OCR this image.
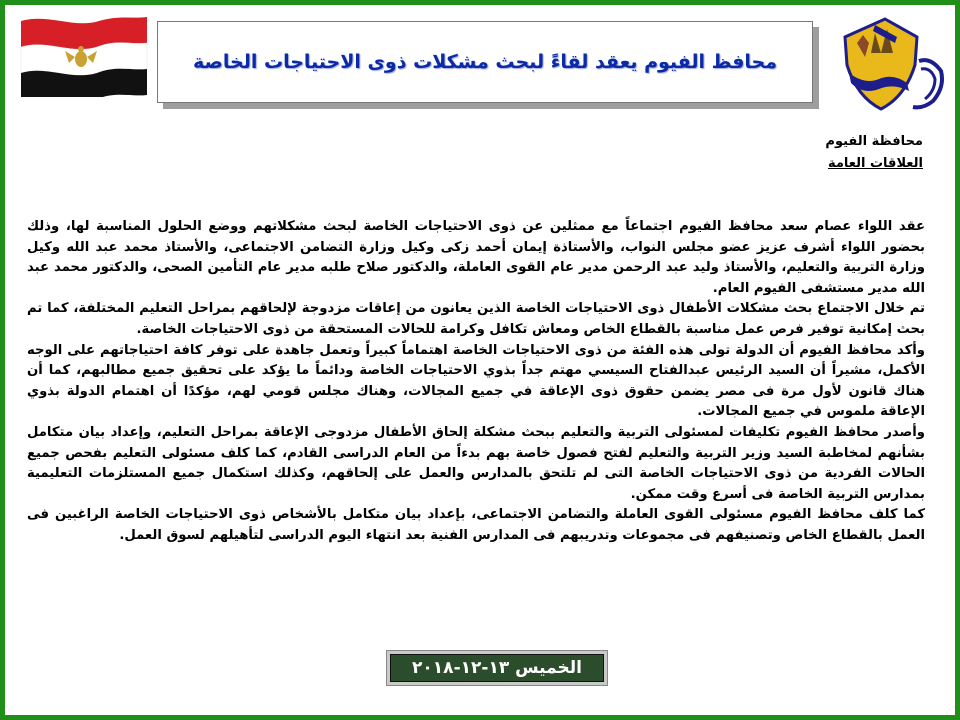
محافظ الفيوم يعقد لقاءً لبحث مشكلات ذوى الاحتياجات الخاصة
محافظة الفيوم
العلاقات العامة

عقد اللواء عصام سعد محافظ الفيوم اجتماعاً مع ممثلين عن ذوى الاحتياجات الخاصة لبحث مشكلاتهم ووضع الحلول المناسبة لها، وذلك بحضور اللواء أشرف عزيز عضو مجلس النواب، والأستاذة إيمان أحمد زكى وكيل وزارة التضامن الاجتماعى، والأستاذ محمد عبد الله وكيل وزارة التربية والتعليم، والأستاذ وليد عبد الرحمن مدير عام القوى العاملة، والدكتور صلاح طلبه مدير عام التأمين الصحى، والدكتور محمد عبد الله مدير مستشفى الفيوم العام.

تم خلال الاجتماع بحث مشكلات الأطفال ذوى الاحتياجات الخاصة الذين يعانون من إعاقات مزدوجة لإلحاقهم بمراحل التعليم المختلفة، كما تم بحث إمكانية توفير فرص عمل مناسبة بالقطاع الخاص ومعاش تكافل وكرامة للحالات المستحقة من ذوى الاحتياجات الخاصة.

وأكد محافظ الفيوم أن الدولة تولى هذه الفئة من ذوى الاحتياجات الخاصة اهتماماً كبيراً وتعمل جاهدة على توفر كافة احتياجاتهم على الوجه الأكمل، مشيراً أن السيد الرئيس عبدالفتاح السيسي مهتم جداً بذوي الاحتياجات الخاصة ودائماً ما يؤكد على تحقيق جميع مطالبهم، كما أن هناك قانون لأول مرة فى مصر يضمن حقوق ذوى الإعاقة في جميع المجالات، وهناك مجلس قومي لهم، مؤكدًا أن اهتمام الدولة بذوي الإعاقة ملموس في جميع المجالات.

وأصدر محافظ الفيوم تكليفات لمسئولى التربية والتعليم ببحث مشكلة إلحاق الأطفال مزدوجى الإعاقة بمراحل التعليم، وإعداد بيان متكامل بشأنهم لمخاطبة السيد وزير التربية والتعليم لفتح فصول خاصة بهم بدءاً من العام الدراسى القادم، كما كلف مسئولى التعليم بفحص جميع الحالات الفردية من ذوى الاحتياجات الخاصة التى لم تلتحق بالمدارس والعمل على إلحاقهم، وكذلك استكمال جميع المستلزمات التعليمية بمدارس التربية الخاصة فى أسرع وقت ممكن.

كما كلف محافظ الفيوم مسئولى القوى العاملة والتضامن الاجتماعى، بإعداد بيان متكامل بالأشخاص ذوى الاحتياجات الخاصة الراغبين فى العمل بالقطاع الخاص وتصنيفهم فى مجموعات وتدريبهم فى المدارس الفنية بعد انتهاء اليوم الدراسى لتأهيلهم لسوق العمل.

الخميس ١٣-١٢-٢٠١٨
